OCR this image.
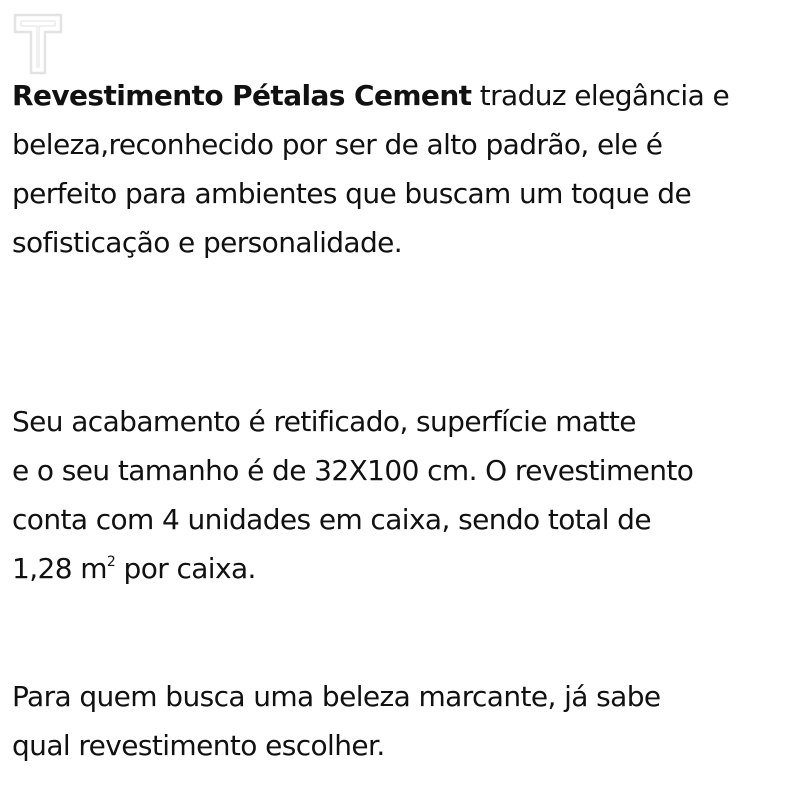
Revestimento Pétalas Cement traduz elegância e
beleza,reconhecido por ser de alto padrão, ele é
perfeito para ambientes que buscam um toque de
sofisticação e personalidade.

Seu acabamento é retificado, superfície matte
e o seu tamanho é de 32X100 cm. O revestimento
conta com 4 unidades em caixa, sendo total de
1,28 $m^2$ por caixa.

Para quem busca uma beleza marcante, já sabe
qual revestimento escolher.
